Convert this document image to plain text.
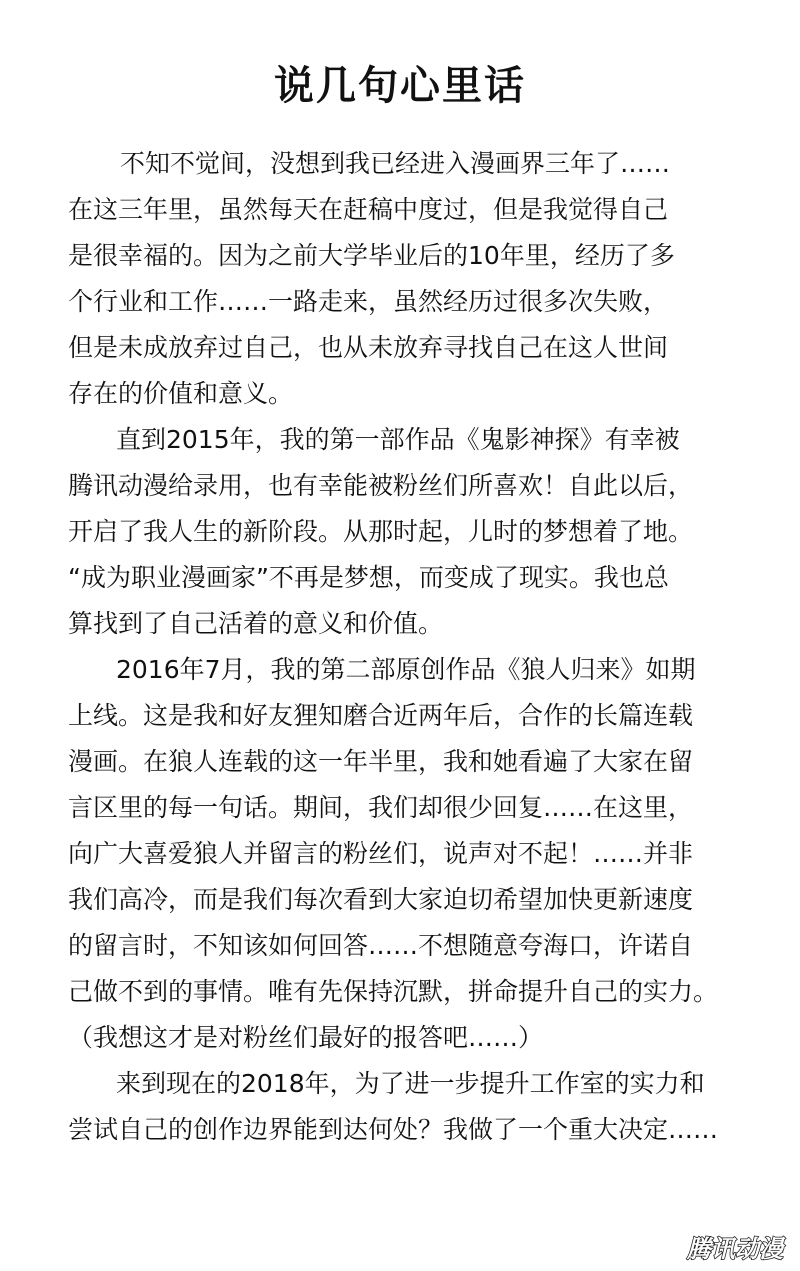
说几句心里话
不知不觉间，没想到我已经进入漫画界三年了……
在这三年里，虽然每天在赶稿中度过，但是我觉得自己
是很幸福的。因为之前大学毕业后的10年里，经历了多
个行业和工作……一路走来，虽然经历过很多次失败，
但是未成放弃过自己，也从未放弃寻找自己在这人世间
存在的价值和意义。
直到2015年，我的第一部作品《鬼影神探》有幸被
腾讯动漫给录用，也有幸能被粉丝们所喜欢！自此以后，
开启了我人生的新阶段。从那时起，儿时的梦想着了地。
“成为职业漫画家”不再是梦想，而变成了现实。我也总
算找到了自己活着的意义和价值。
2016年7月，我的第二部原创作品《狼人归来》如期
上线。这是我和好友狸知磨合近两年后，合作的长篇连载
漫画。在狼人连载的这一年半里，我和她看遍了大家在留
言区里的每一句话。期间，我们却很少回复……在这里，
向广大喜爱狼人并留言的粉丝们，说声对不起！……并非
我们高冷，而是我们每次看到大家迫切希望加快更新速度
的留言时，不知该如何回答……不想随意夸海口，许诺自
己做不到的事情。唯有先保持沉默，拼命提升自己的实力。
（我想这才是对粉丝们最好的报答吧……）
来到现在的2018年，为了进一步提升工作室的实力和
尝试自己的创作边界能到达何处？我做了一个重大决定……
腾讯动漫
